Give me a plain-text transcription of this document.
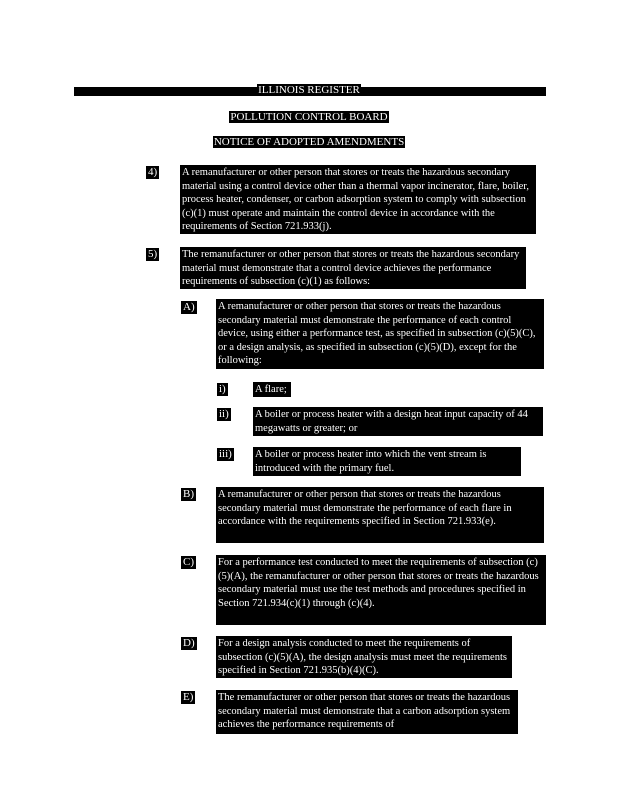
ILLINOIS REGISTER
POLLUTION CONTROL BOARD
NOTICE OF ADOPTED AMENDMENTS
4) A remanufacturer or other person that stores or treats the hazardous secondary material using a control device other than a thermal vapor incinerator, flare, boiler, process heater, condenser, or carbon adsorption system to comply with subsection (c)(1) must operate and maintain the control device in accordance with the requirements of Section 721.933(j).
5) The remanufacturer or other person that stores or treats the hazardous secondary material must demonstrate that a control device achieves the performance requirements of subsection (c)(1) as follows:
A) A remanufacturer or other person that stores or treats the hazardous secondary material must demonstrate the performance of each control device, using either a performance test, as specified in subsection (c)(5)(C), or a design analysis, as specified in subsection (c)(5)(D), except for the following:
i)	A flare;
ii) A boiler or process heater with a design heat input capacity of 44 megawatts or greater; or
iii) A boiler or process heater into which the vent stream is introduced with the primary fuel.
B) A remanufacturer or other person that stores or treats the hazardous secondary material must demonstrate the performance of each flare in accordance with the requirements specified in Section 721.933(e).
C) For a performance test conducted to meet the requirements of subsection (c)(5)(A), the remanufacturer or other person that stores or treats the hazardous secondary material must use the test methods and procedures specified in Section 721.934(c)(1) through (c)(4).
D) For a design analysis conducted to meet the requirements of subsection (c)(5)(A), the design analysis must meet the requirements specified in Section 721.935(b)(4)(C).
E) The remanufacturer or other person that stores or treats the hazardous secondary material must demonstrate that a carbon adsorption system achieves the performance requirements of
